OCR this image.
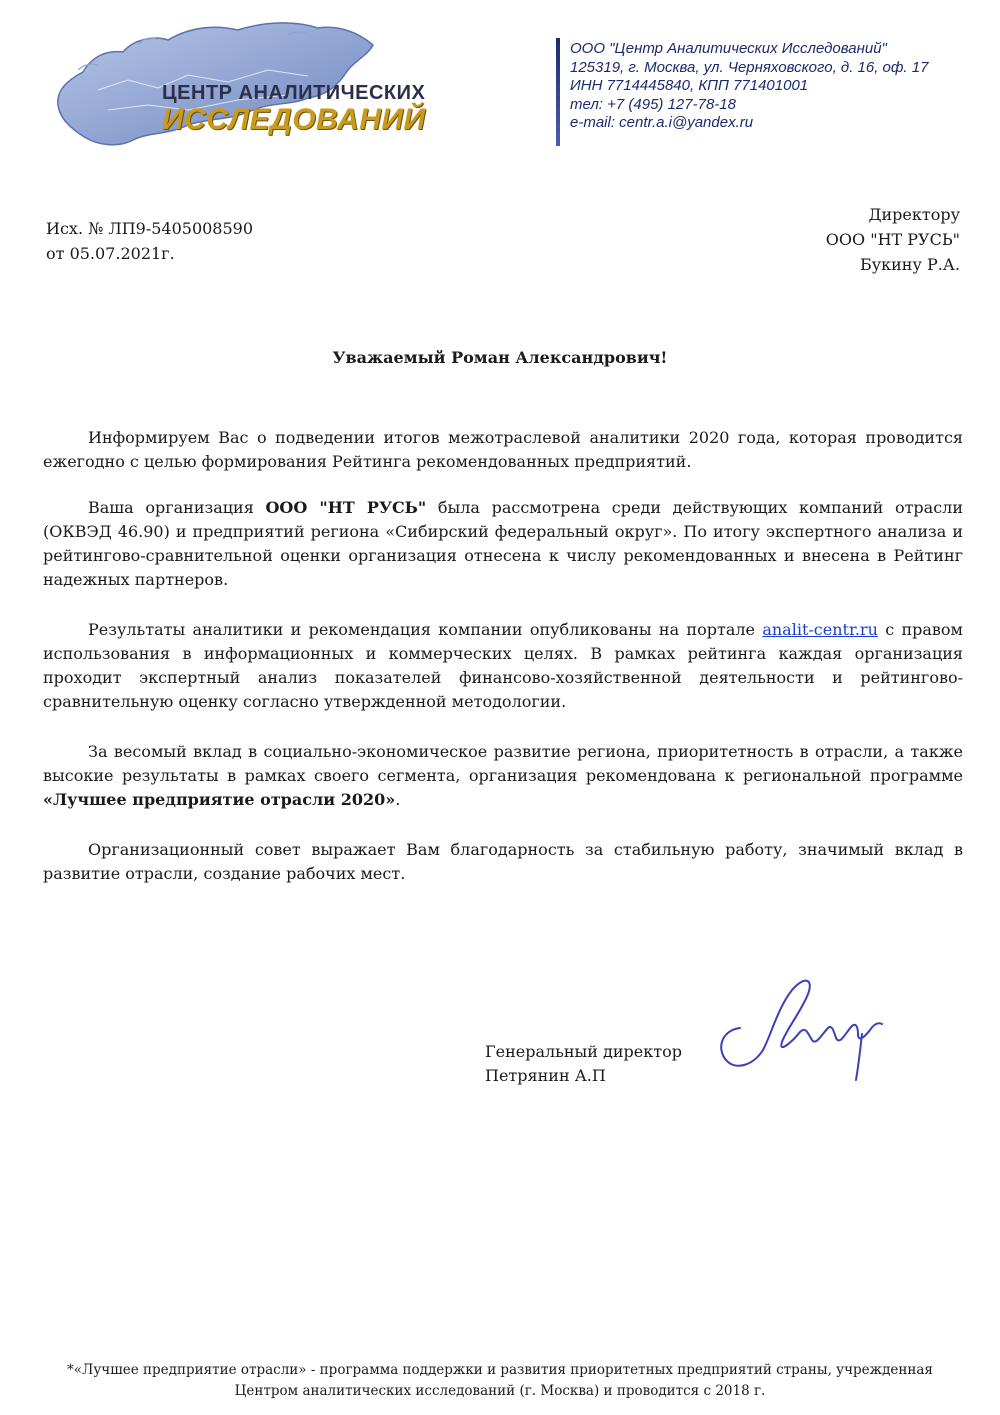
ЦЕНТР АНАЛИТИЧЕСКИХ
ИССЛЕДОВАНИЙ
ООО "Центр Аналитических Исследований"
125319, г. Москва, ул. Черняховского, д. 16, оф. 17
ИНН 7714445840, КПП 771401001
тел: +7 (495) 127-78-18
e-mail: centr.a.i@yandex.ru
Исх. № ЛП9-5405008590
от 05.07.2021г.
Директору
ООО "НТ РУСЬ"
Букину Р.А.
Уважаемый Роман Александрович!

Информируем Вас о подведении итогов межотраслевой аналитики 2020 года, которая проводится ежегодно с целью формирования Рейтинга рекомендованных предприятий.

Ваша организация ООО "НТ РУСЬ" была рассмотрена среди действующих компаний отрасли (ОКВЭД 46.90) и предприятий региона «Сибирский федеральный округ». По итогу экспертного анализа и рейтингово-сравнительной оценки организация отнесена к числу рекомендованных и внесена в Рейтинг надежных партнеров.

Результаты аналитики и рекомендация компании опубликованы на портале analit-centr.ru с правом использования в информационных и коммерческих целях. В рамках рейтинга каждая организация проходит экспертный анализ показателей финансово-хозяйственной деятельности и рейтингово-сравнительную оценку согласно утвержденной методологии.

За весомый вклад в социально-экономическое развитие региона, приоритетность в отрасли, а также высокие результаты в рамках своего сегмента, организация рекомендована к региональной программе «Лучшее предприятие отрасли 2020».

Организационный совет выражает Вам благодарность за стабильную работу, значимый вклад в развитие отрасли, создание рабочих мест.

Генеральный директор
Петрянин А.П
*«Лучшее предприятие отрасли» - программа поддержки и развития приоритетных предприятий страны, учрежденная
Центром аналитических исследований (г. Москва) и проводится с 2018 г.
